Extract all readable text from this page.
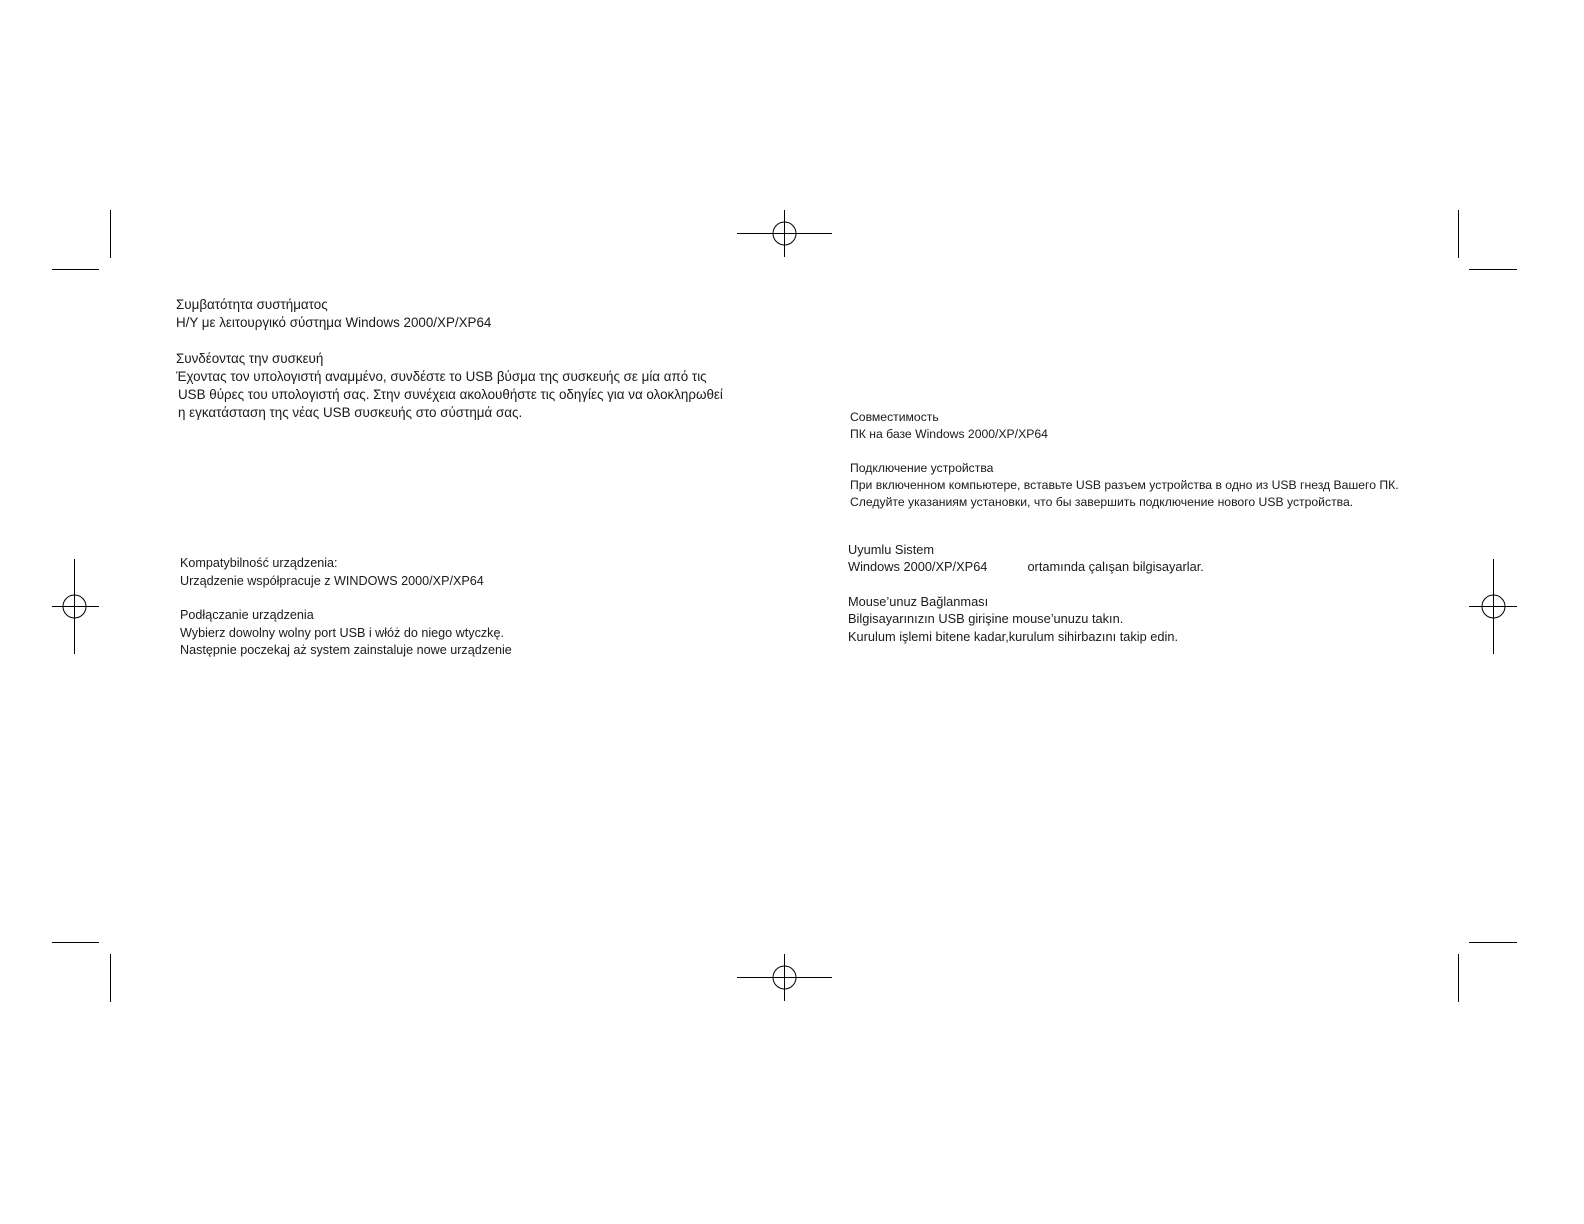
Συμβατότητα συστήματος
Η/Υ με λειτουργικό σύστημα Windows 2000/XP/XP64
Συνδέοντας την συσκευή
Έχοντας τον υπολογιστή αναμμένο, συνδέστε το USB βύσμα της συσκευής σε μία από τις
USB θύρες του υπολογιστή σας. Στην συνέχεια ακολουθήστε τις οδηγίες για να ολοκληρωθεί
η εγκατάσταση της νέας USB συσκευής στο σύστημά σας.
Kompatybilność urządzenia:
Urządzenie współpracuje z WINDOWS 2000/XP/XP64
Podłączanie urządzenia
Wybierz dowolny wolny port USB i włóż do niego wtyczkę.
Następnie poczekaj aż system zainstaluje nowe urządzenie
Совместимость
ПК на базе Windows 2000/XP/XP64
Подключение устройства
При включенном компьютере, вставьте USB разъем устройства в одно из USB гнезд Вашего ПК.
Следуйте указаниям установки, что бы завершить подключение нового USB устройства.
Uyumlu Sistem
Windows 2000/XP/XP64	ortamında çalışan bilgisayarlar.
Mouse’unuz Bağlanması
Bilgisayarınızın USB girişine mouse’unuzu takın.
Kurulum işlemi bitene kadar,kurulum sihirbazını takip edin.
